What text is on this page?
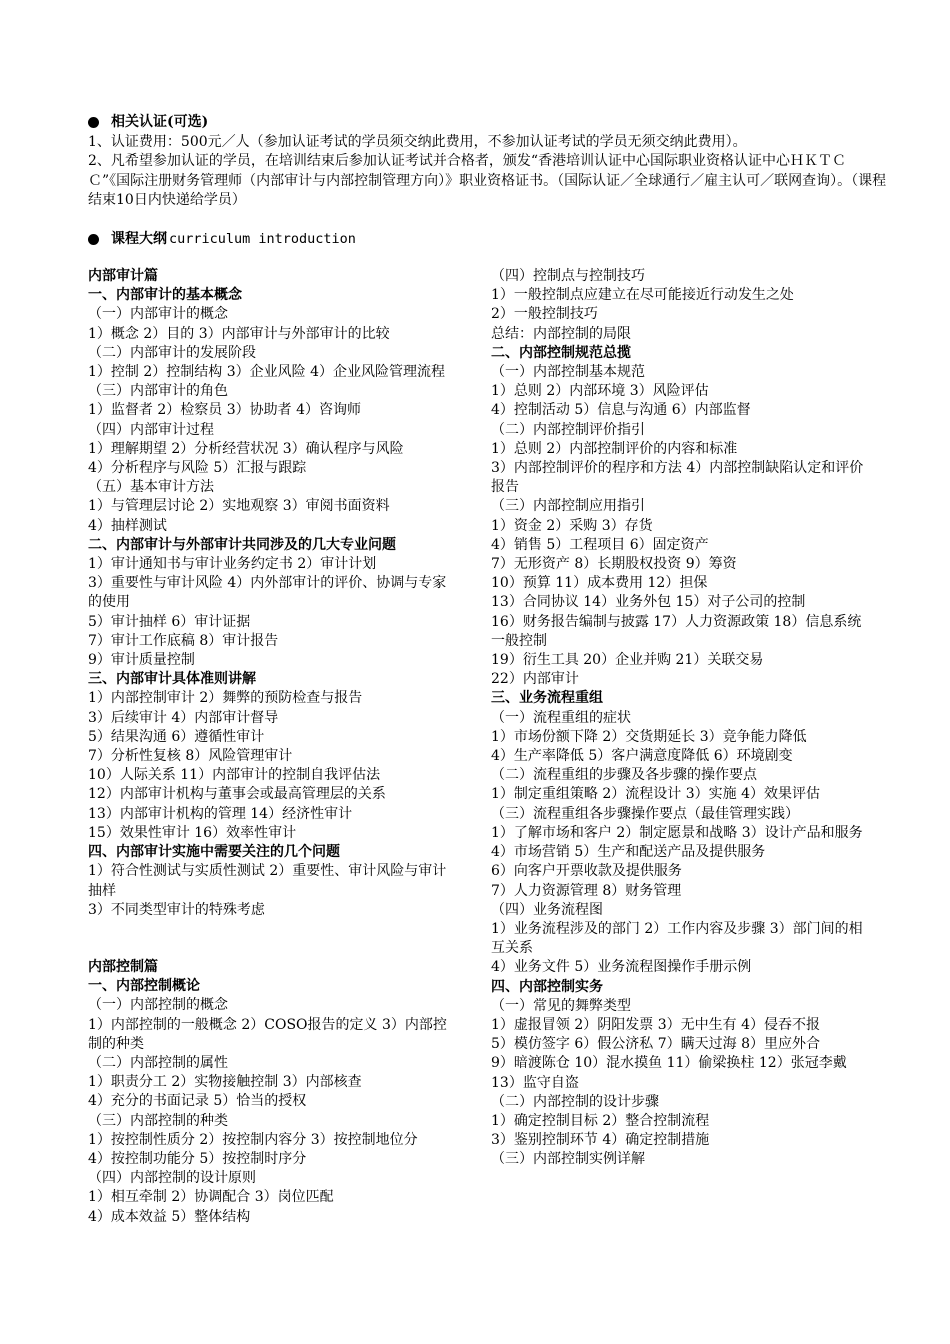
相关认证(可选)

1、认证费用：500元／人（参加认证考试的学员须交纳此费用，不参加认证考试的学员无须交纳此费用）。

2、凡希望参加认证的学员，在培训结束后参加认证考试并合格者，颁发“香港培训认证中心国际职业资格认证中心ＨＫＴＣＣ”《国际注册财务管理师（内部审计与内部控制管理方向）》职业资格证书。（国际认证／全球通行／雇主认可／联网查询）。（课程结束10日内快递给学员）

课程大纲 curriculum introduction

内部审计篇

一、内部审计的基本概念

（一）内部审计的概念

1）概念 2）目的 3）内部审计与外部审计的比较

（二）内部审计的发展阶段

1）控制 2）控制结构 3）企业风险 4）企业风险管理流程

（三）内部审计的角色

1）监督者 2）检察员 3）协助者 4）咨询师

（四）内部审计过程

1）理解期望 2）分析经营状况 3）确认程序与风险

4）分析程序与风险 5）汇报与跟踪

（五）基本审计方法

1）与管理层讨论 2）实地观察 3）审阅书面资料

4）抽样测试

二、内部审计与外部审计共同涉及的几大专业问题

1）审计通知书与审计业务约定书 2）审计计划

3）重要性与审计风险 4）内外部审计的评价、协调与专家的使用

5）审计抽样 6）审计证据

7）审计工作底稿 8）审计报告

9）审计质量控制

三、内部审计具体准则讲解

1）内部控制审计 2）舞弊的预防检查与报告

3）后续审计 4）内部审计督导

5）结果沟通 6）遵循性审计

7）分析性复核 8）风险管理审计

10）人际关系 11）内部审计的控制自我评估法

12）内部审计机构与董事会或最高管理层的关系

13）内部审计机构的管理 14）经济性审计

15）效果性审计 16）效率性审计

四、内部审计实施中需要关注的几个问题

1）符合性测试与实质性测试 2）重要性、审计风险与审计抽样

3）不同类型审计的特殊考虑

内部控制篇

一、内部控制概论

（一）内部控制的概念

1）内部控制的一般概念 2）COSO报告的定义 3）内部控制的种类

（二）内部控制的属性

1）职责分工 2）实物接触控制 3）内部核查

4）充分的书面记录 5）恰当的授权

（三）内部控制的种类

1）按控制性质分 2）按控制内容分 3）按控制地位分

4）按控制功能分 5）按控制时序分

（四）内部控制的设计原则

1）相互牵制 2）协调配合 3）岗位匹配

4）成本效益 5）整体结构

（四）控制点与控制技巧

1）一般控制点应建立在尽可能接近行动发生之处

2）一般控制技巧

总结：内部控制的局限

二、内部控制规范总揽

（一）内部控制基本规范

1）总则 2）内部环境 3）风险评估

4）控制活动 5）信息与沟通 6）内部监督

（二）内部控制评价指引

1）总则 2）内部控制评价的内容和标准

3）内部控制评价的程序和方法 4）内部控制缺陷认定和评价报告

（三）内部控制应用指引

1）资金 2）采购 3）存货

4）销售 5）工程项目 6）固定资产

7）无形资产 8）长期股权投资 9）筹资

10）预算 11）成本费用 12）担保

13）合同协议 14）业务外包 15）对子公司的控制

16）财务报告编制与披露 17）人力资源政策 18）信息系统一般控制

19）衍生工具 20）企业并购 21）关联交易

22）内部审计

三、业务流程重组

（一）流程重组的症状

1）市场份额下降 2）交货期延长 3）竞争能力降低

4）生产率降低 5）客户满意度降低 6）环境剧变

（二）流程重组的步骤及各步骤的操作要点

1）制定重组策略 2）流程设计 3）实施 4）效果评估

（三）流程重组各步骤操作要点（最佳管理实践）

1）了解市场和客户 2）制定愿景和战略 3）设计产品和服务

4）市场营销 5）生产和配送产品及提供服务

6）向客户开票收款及提供服务

7）人力资源管理 8）财务管理

（四）业务流程图

1）业务流程涉及的部门 2）工作内容及步骤 3）部门间的相互关系

4）业务文件 5）业务流程图操作手册示例

四、内部控制实务

（一）常见的舞弊类型

1）虚报冒领 2）阴阳发票 3）无中生有 4）侵吞不报

5）模仿签字 6）假公济私 7）瞒天过海 8）里应外合

9）暗渡陈仓 10）混水摸鱼 11）偷梁换柱 12）张冠李戴

13）监守自盗

（二）内部控制的设计步骤

1）确定控制目标 2）整合控制流程

3）鉴别控制环节 4）确定控制措施

（三）内部控制实例详解
